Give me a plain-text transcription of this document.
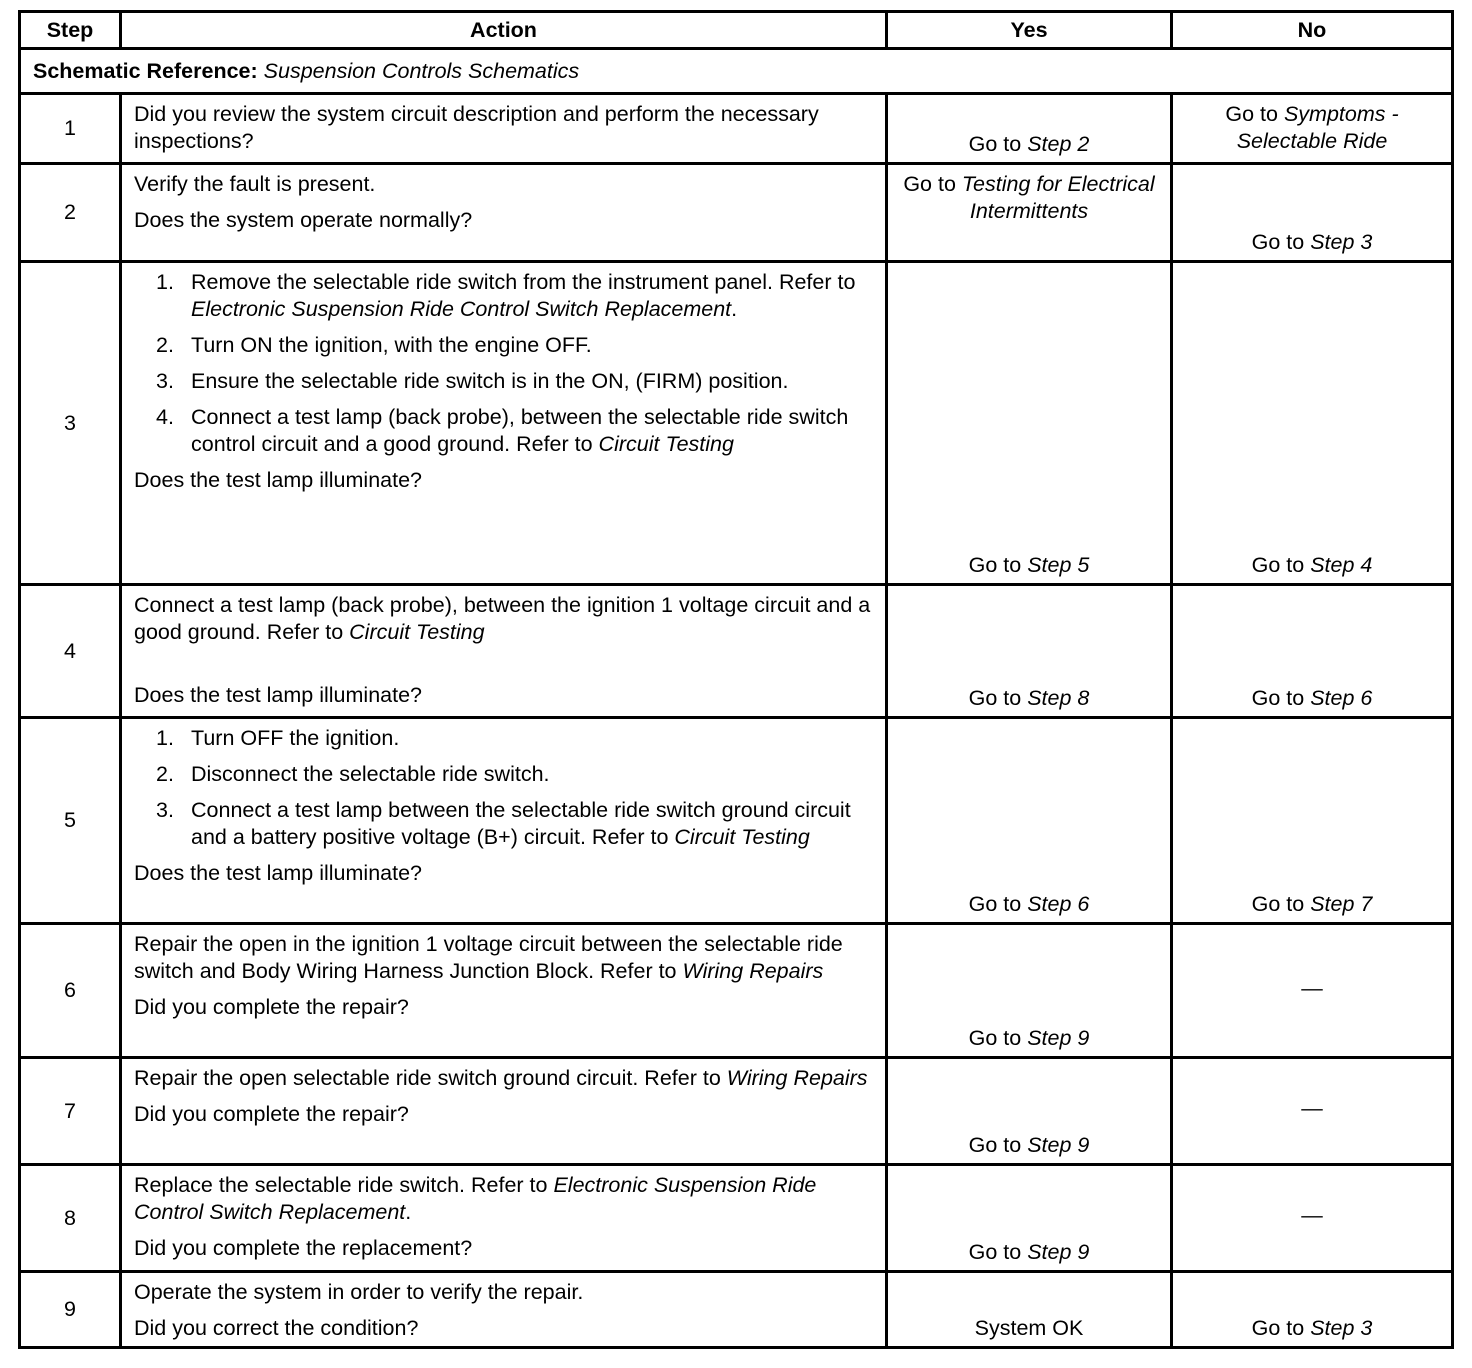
Step	Action	Yes	No
Schematic Reference: Suspension Controls Schematics			
1	Did you review the system circuit description and perform the necessary inspections?	Go to Step 2	Go to Symptoms - Selectable Ride

2	Verify the fault is present.
Does the system operate normally?	Go to Testing for Electrical Intermittents	Go to Step 3

3	
1. Remove the selectable ride switch from the instrument panel. Refer to Electronic Suspension Ride Control Switch Replacement.
2. Turn ON the ignition, with the engine OFF.
3. Ensure the selectable ride switch is in the ON, (FIRM) position.
4. Connect a test lamp (back probe), between the selectable ride switch control circuit and a good ground. Refer to Circuit Testing
Does the test lamp illuminate?

Go to Step 5	Go to Step 4

4	Connect a test lamp (back probe), between the ignition 1 voltage circuit and a good ground. Refer to Circuit Testing
Does the test lamp illuminate?	Go to Step 8	Go to Step 6

5	
1. Turn OFF the ignition.
2. Disconnect the selectable ride switch.
3. Connect a test lamp between the selectable ride switch ground circuit and a battery positive voltage (B+) circuit. Refer to Circuit Testing
Does the test lamp illuminate?

Go to Step 6	Go to Step 7

6	Repair the open in the ignition 1 voltage circuit between the selectable ride switch and Body Wiring Harness Junction Block. Refer to Wiring Repairs
Did you complete the repair?	Go to Step 9	—

7	Repair the open selectable ride switch ground circuit. Refer to Wiring Repairs
Did you complete the repair?	Go to Step 9	—

8	Replace the selectable ride switch. Refer to Electronic Suspension Ride Control Switch Replacement.
Did you complete the replacement?	Go to Step 9	—

9	Operate the system in order to verify the repair.
Did you correct the condition?	System OK	Go to Step 3
